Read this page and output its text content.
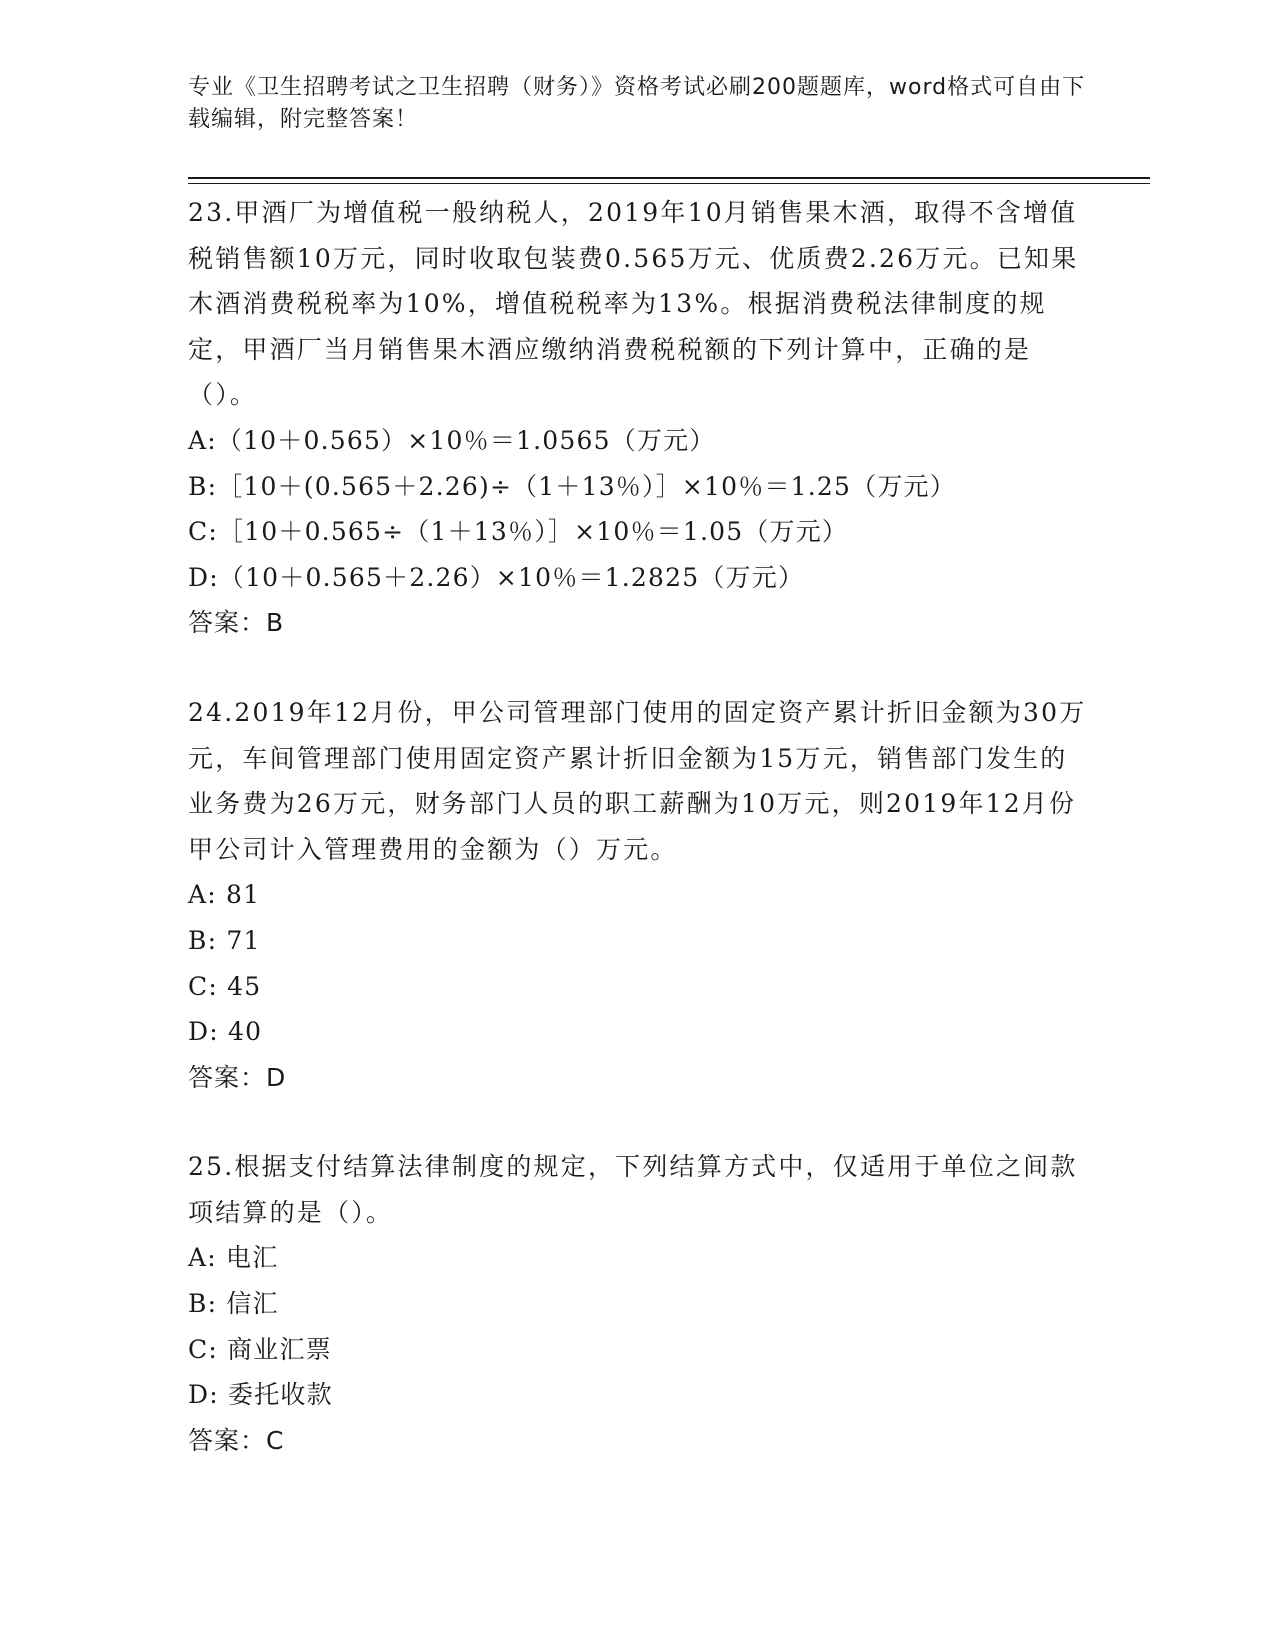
专业《卫生招聘考试之卫生招聘（财务）》资格考试必刷200题题库，word格式可自由下载编辑，附完整答案！

23.甲酒厂为增值税一般纳税人，2019年10月销售果木酒，取得不含增值税销售额10万元，同时收取包装费0.565万元、优质费2.26万元。已知果木酒消费税税率为10%，增值税税率为13%。根据消费税法律制度的规定，甲酒厂当月销售果木酒应缴纳消费税税额的下列计算中，正确的是（）。

A:（10＋0.565）×10％＝1.0565（万元）

B:［10＋(0.565＋2.26)÷（1＋13％）］×10％＝1.25（万元）

C:［10＋0.565÷（1＋13％）］×10％＝1.05（万元）

D:（10＋0.565＋2.26）×10％＝1.2825（万元）

答案：B

24.2019年12月份，甲公司管理部门使用的固定资产累计折旧金额为30万元，车间管理部门使用固定资产累计折旧金额为15万元，销售部门发生的业务费为26万元，财务部门人员的职工薪酬为10万元，则2019年12月份甲公司计入管理费用的金额为（）万元。

A: 81

B: 71

C: 45

D: 40

答案：D

25.根据支付结算法律制度的规定，下列结算方式中，仅适用于单位之间款项结算的是（）。

A: 电汇

B: 信汇

C: 商业汇票

D: 委托收款

答案：C
